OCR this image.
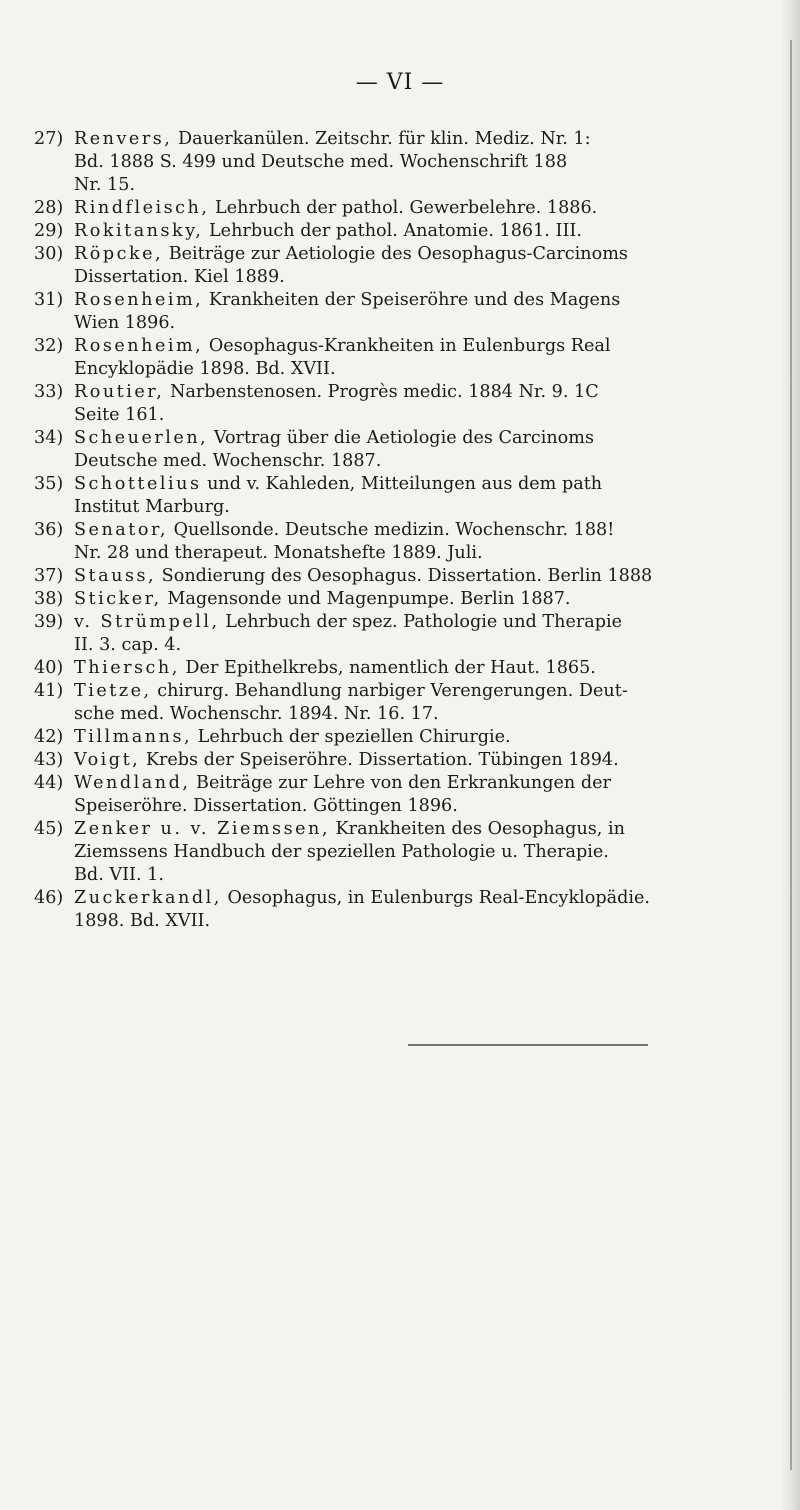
— VI —
27) Renvers, Dauerkanülen. Zeitschr. für klin. Mediz. Nr. 1:
Bd. 1888 S. 499 und Deutsche med. Wochenschrift 188
Nr. 15.
28) Rindfleisch, Lehrbuch der pathol. Gewerbelehre. 1886.
29) Rokitansky, Lehrbuch der pathol. Anatomie. 1861. III.
30) Röpcke, Beiträge zur Aetiologie des Oesophagus-Carcinoms
Dissertation. Kiel 1889.
31) Rosenheim, Krankheiten der Speiseröhre und des Magens
Wien 1896.
32) Rosenheim, Oesophagus-Krankheiten in Eulenburgs Real
Encyklopädie 1898. Bd. XVII.
33) Routier, Narbenstenosen. Progrès medic. 1884 Nr. 9. 1C
Seite 161.
34) Scheuerlen, Vortrag über die Aetiologie des Carcinoms
Deutsche med. Wochenschr. 1887.
35) Schottelius und v. Kahleden, Mitteilungen aus dem path
Institut Marburg.
36) Senator, Quellsonde. Deutsche medizin. Wochenschr. 188!
Nr. 28 und therapeut. Monatshefte 1889. Juli.
37) Stauss, Sondierung des Oesophagus. Dissertation. Berlin 1888
38) Sticker, Magensonde und Magenpumpe. Berlin 1887.
39) v. Strümpell, Lehrbuch der spez. Pathologie und Therapie
II. 3. cap. 4.
40) Thiersch, Der Epithelkrebs, namentlich der Haut. 1865.
41) Tietze, chirurg. Behandlung narbiger Verengerungen. Deut-
sche med. Wochenschr. 1894. Nr. 16. 17.
42) Tillmanns, Lehrbuch der speziellen Chirurgie.
43) Voigt, Krebs der Speiseröhre. Dissertation. Tübingen 1894.
44) Wendland, Beiträge zur Lehre von den Erkrankungen der
Speiseröhre. Dissertation. Göttingen 1896.
45) Zenker u. v. Ziemssen, Krankheiten des Oesophagus, in
Ziemssens Handbuch der speziellen Pathologie u. Therapie.
Bd. VII. 1.
46) Zuckerkandl, Oesophagus, in Eulenburgs Real-Encyklopädie.
1898. Bd. XVII.
